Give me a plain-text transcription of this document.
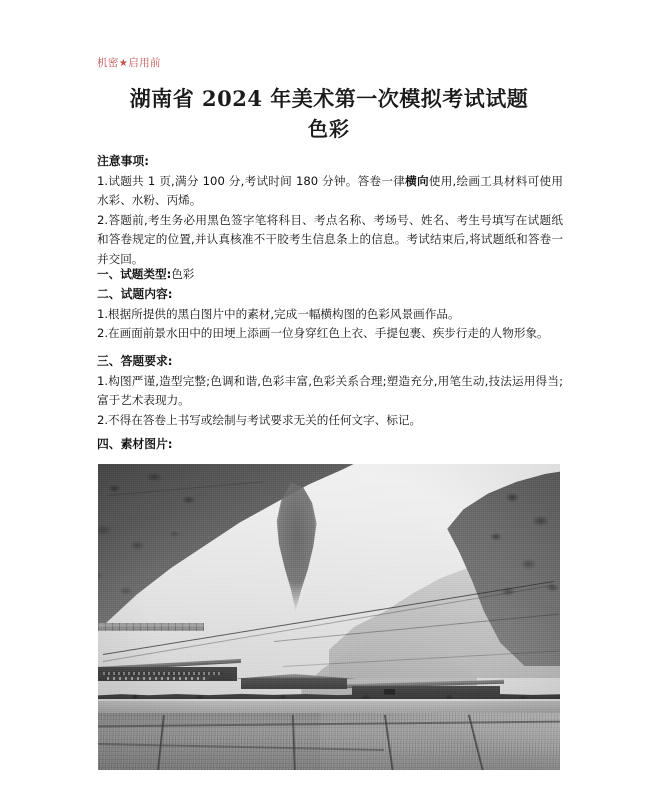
机密★启用前
湖南省 2024 年美术第一次模拟考试试题
色彩
注意事项:

1.试题共 1 页,满分 100 分,考试时间 180 分钟。答卷一律横向使用,绘画工具材料可使用水彩、水粉、丙烯。

2.答题前,考生务必用黑色签字笔将科目、考点名称、考场号、姓名、考生号填写在试题纸和答卷规定的位置,并认真核准不干胶考生信息条上的信息。考试结束后,将试题纸和答卷一并交回。

一、试题类型:色彩

二、试题内容:

1.根据所提供的黑白图片中的素材,完成一幅横构图的色彩风景画作品。

2.在画面前景水田中的田埂上添画一位身穿红色上衣、手提包裹、疾步行走的人物形象。

三、答题要求:

1.构图严谨,造型完整;色调和谐,色彩丰富,色彩关系合理;塑造充分,用笔生动,技法运用得当;富于艺术表现力。

2.不得在答卷上书写或绘制与考试要求无关的任何文字、标记。

四、素材图片:
